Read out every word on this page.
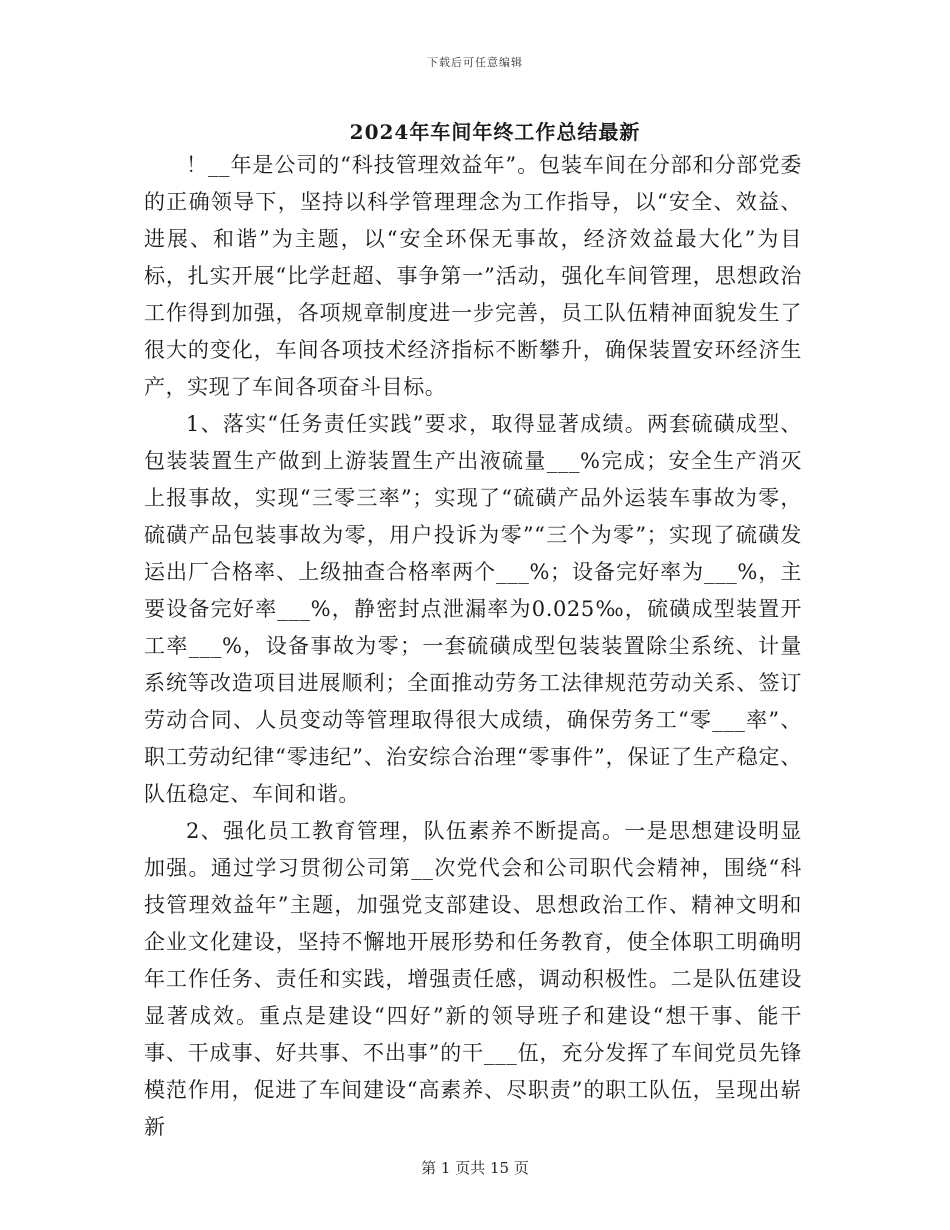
下载后可任意编辑
2024年车间年终工作总结最新

！__年是公司的“科技管理效益年”。包装车间在分部和分部党委的正确领导下，坚持以科学管理理念为工作指导，以“安全、效益、进展、和谐”为主题，以“安全环保无事故，经济效益最大化”为目标，扎实开展“比学赶超、事争第一”活动，强化车间管理，思想政治工作得到加强，各项规章制度进一步完善，员工队伍精神面貌发生了很大的变化，车间各项技术经济指标不断攀升，确保装置安环经济生产，实现了车间各项奋斗目标。

1、落实“任务责任实践”要求，取得显著成绩。两套硫磺成型、包装装置生产做到上游装置生产出液硫量___%完成；安全生产消灭上报事故，实现“三零三率”；实现了“硫磺产品外运装车事故为零，硫磺产品包装事故为零，用户投诉为零”“三个为零”；实现了硫磺发运出厂合格率、上级抽查合格率两个___%；设备完好率为___%，主要设备完好率___%，静密封点泄漏率为0.025‰，硫磺成型装置开工率___%，设备事故为零；一套硫磺成型包装装置除尘系统、计量系统等改造项目进展顺利；全面推动劳务工法律规范劳动关系、签订劳动合同、人员变动等管理取得很大成绩，确保劳务工“零___率”、职工劳动纪律“零违纪”、治安综合治理“零事件”，保证了生产稳定、队伍稳定、车间和谐。

2、强化员工教育管理，队伍素养不断提高。一是思想建设明显加强。通过学习贯彻公司第__次党代会和公司职代会精神，围绕“科技管理效益年”主题，加强党支部建设、思想政治工作、精神文明和企业文化建设，坚持不懈地开展形势和任务教育，使全体职工明确明年工作任务、责任和实践，增强责任感，调动积极性。二是队伍建设显著成效。重点是建设“四好”新的领导班子和建设“想干事、能干事、干成事、好共事、不出事”的干___伍，充分发挥了车间党员先锋模范作用，促进了车间建设“高素养、尽职责”的职工队伍，呈现出崭新

第 1 页共 15 页
